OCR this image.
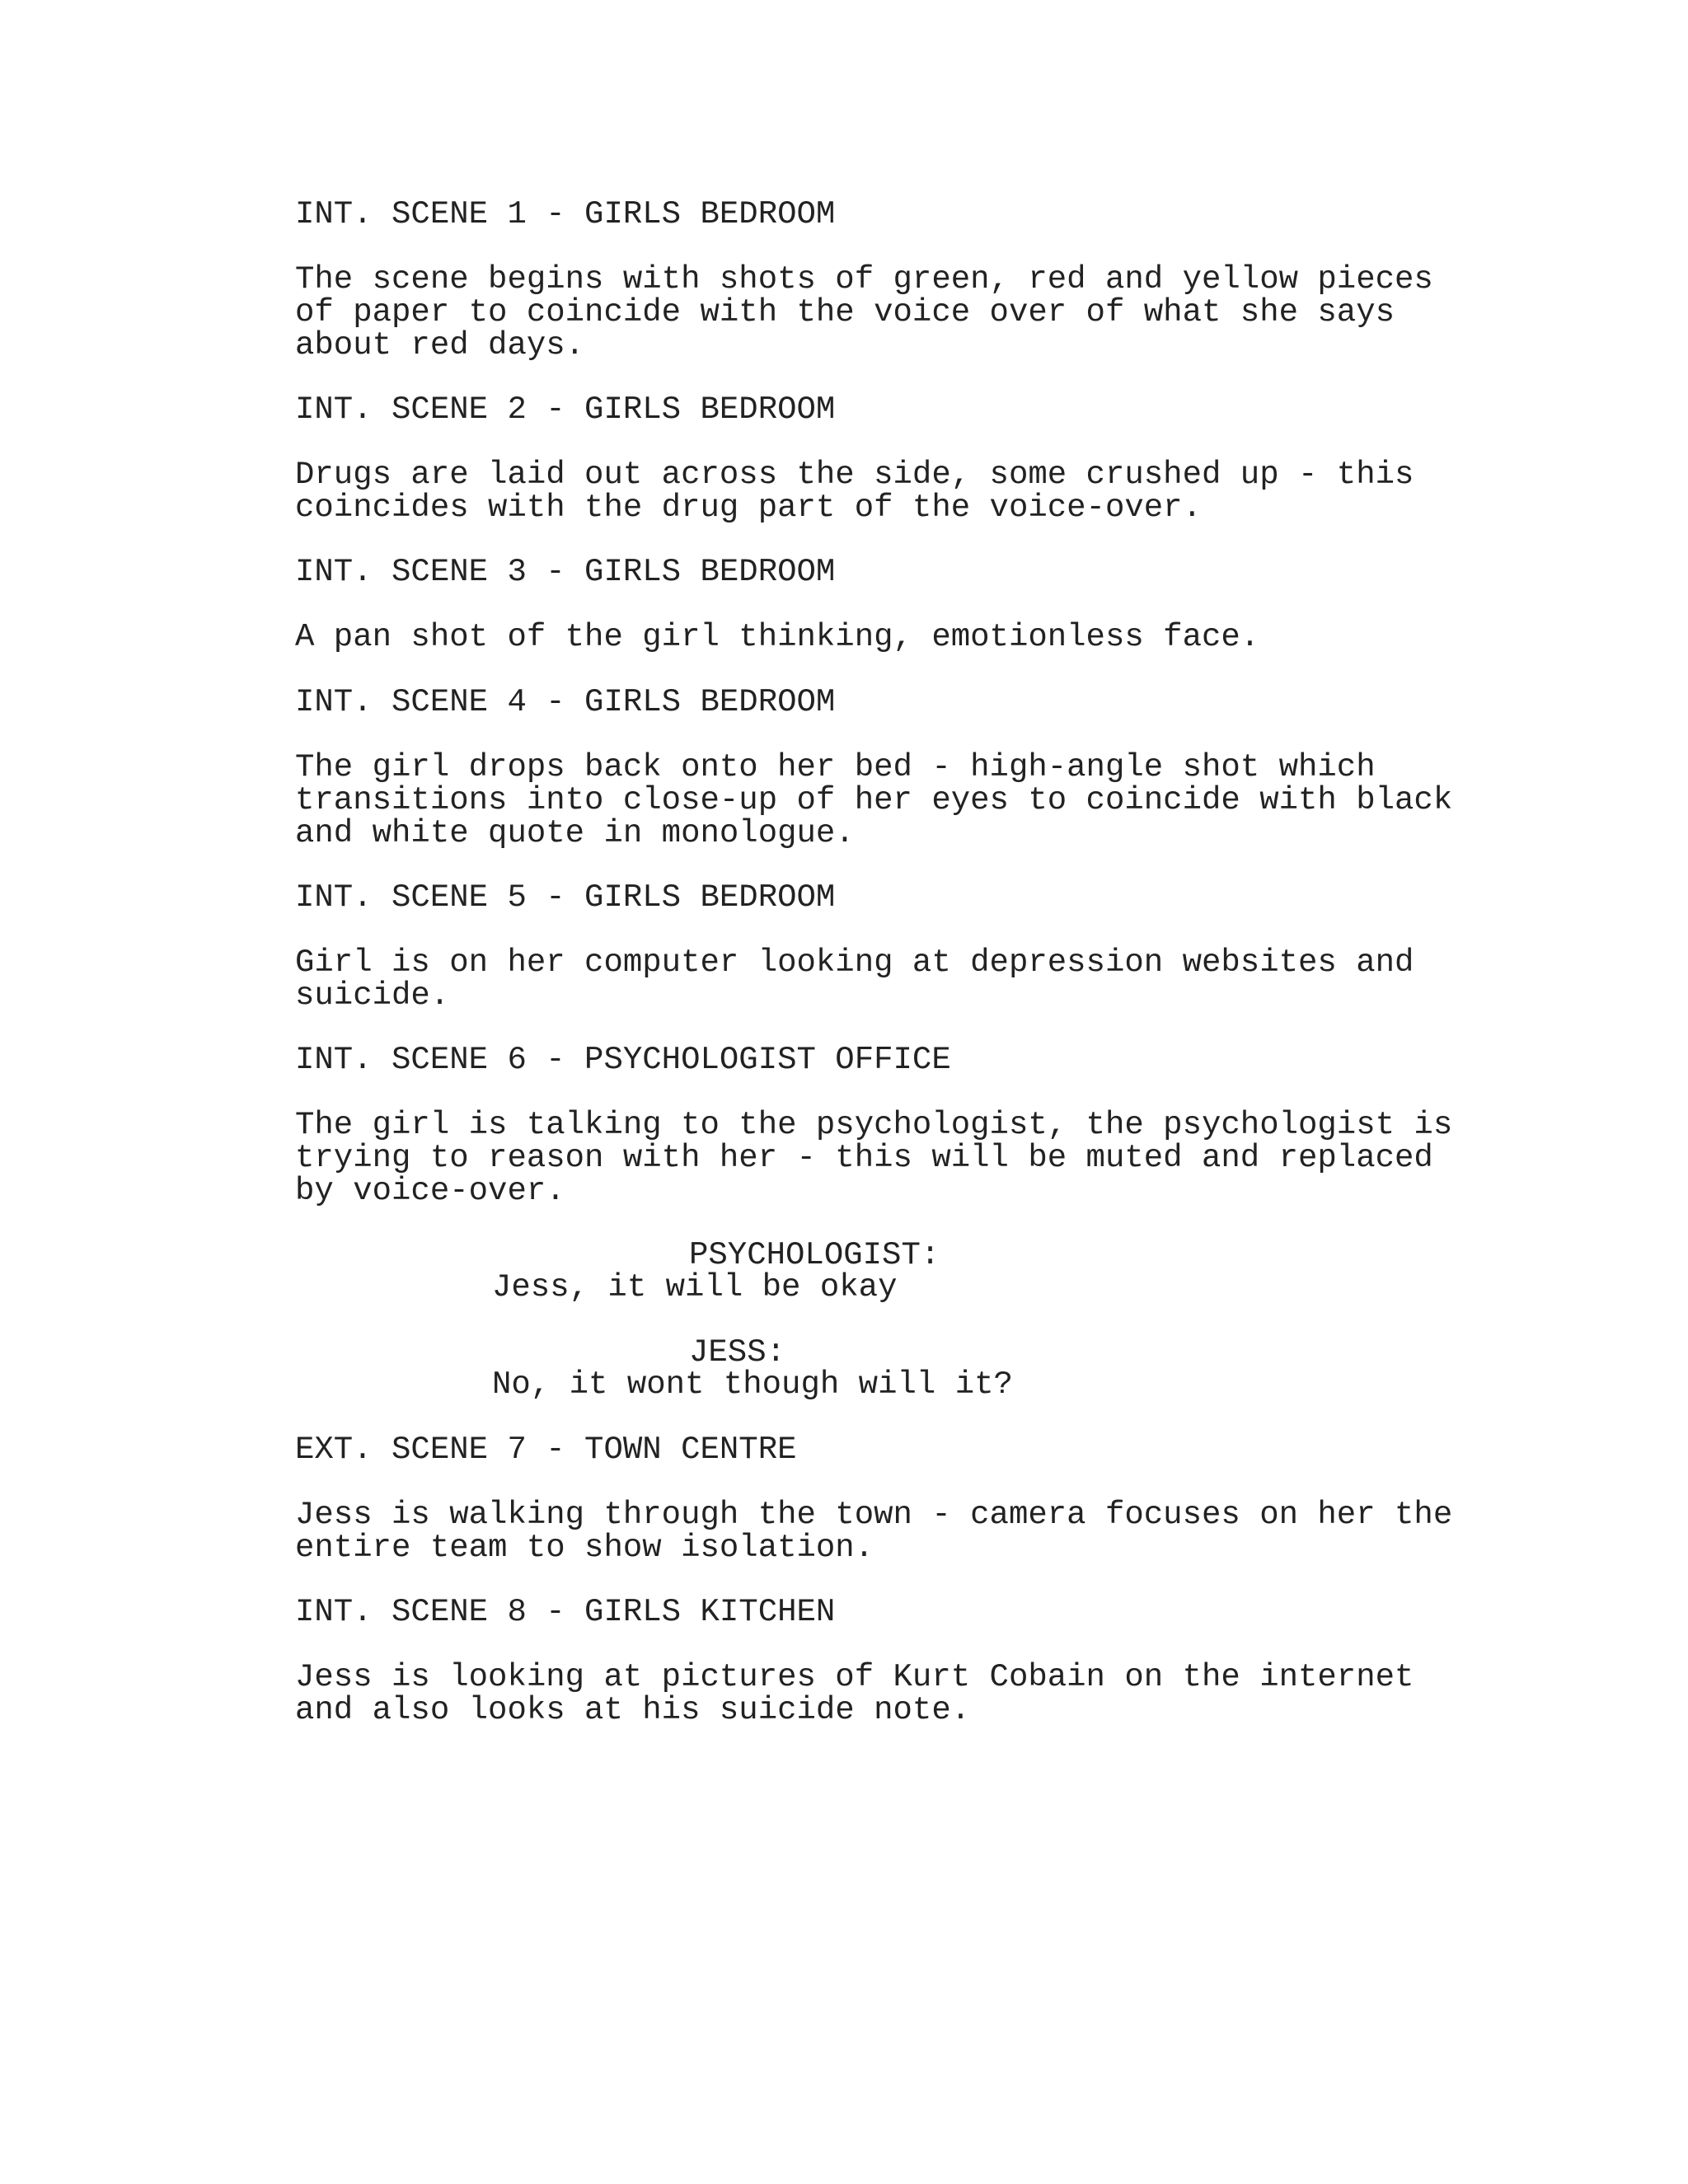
INT. SCENE 1 - GIRLS BEDROOM
The scene begins with shots of green, red and yellow pieces
of paper to coincide with the voice over of what she says
about red days.
INT. SCENE 2 - GIRLS BEDROOM
Drugs are laid out across the side, some crushed up - this
coincides with the drug part of the voice-over.
INT. SCENE 3 - GIRLS BEDROOM
A pan shot of the girl thinking, emotionless face.
INT. SCENE 4 - GIRLS BEDROOM
The girl drops back onto her bed - high-angle shot which
transitions into close-up of her eyes to coincide with black
and white quote in monologue.
INT. SCENE 5 - GIRLS BEDROOM
Girl is on her computer looking at depression websites and
suicide.
INT. SCENE 6 - PSYCHOLOGIST OFFICE
The girl is talking to the psychologist, the psychologist is
trying to reason with her - this will be muted and replaced
by voice-over.
PSYCHOLOGIST:
Jess, it will be okay
JESS:
No, it wont though will it?
EXT. SCENE 7 - TOWN CENTRE
Jess is walking through the town - camera focuses on her the
entire team to show isolation.
INT. SCENE 8 - GIRLS KITCHEN
Jess is looking at pictures of Kurt Cobain on the internet
and also looks at his suicide note.
